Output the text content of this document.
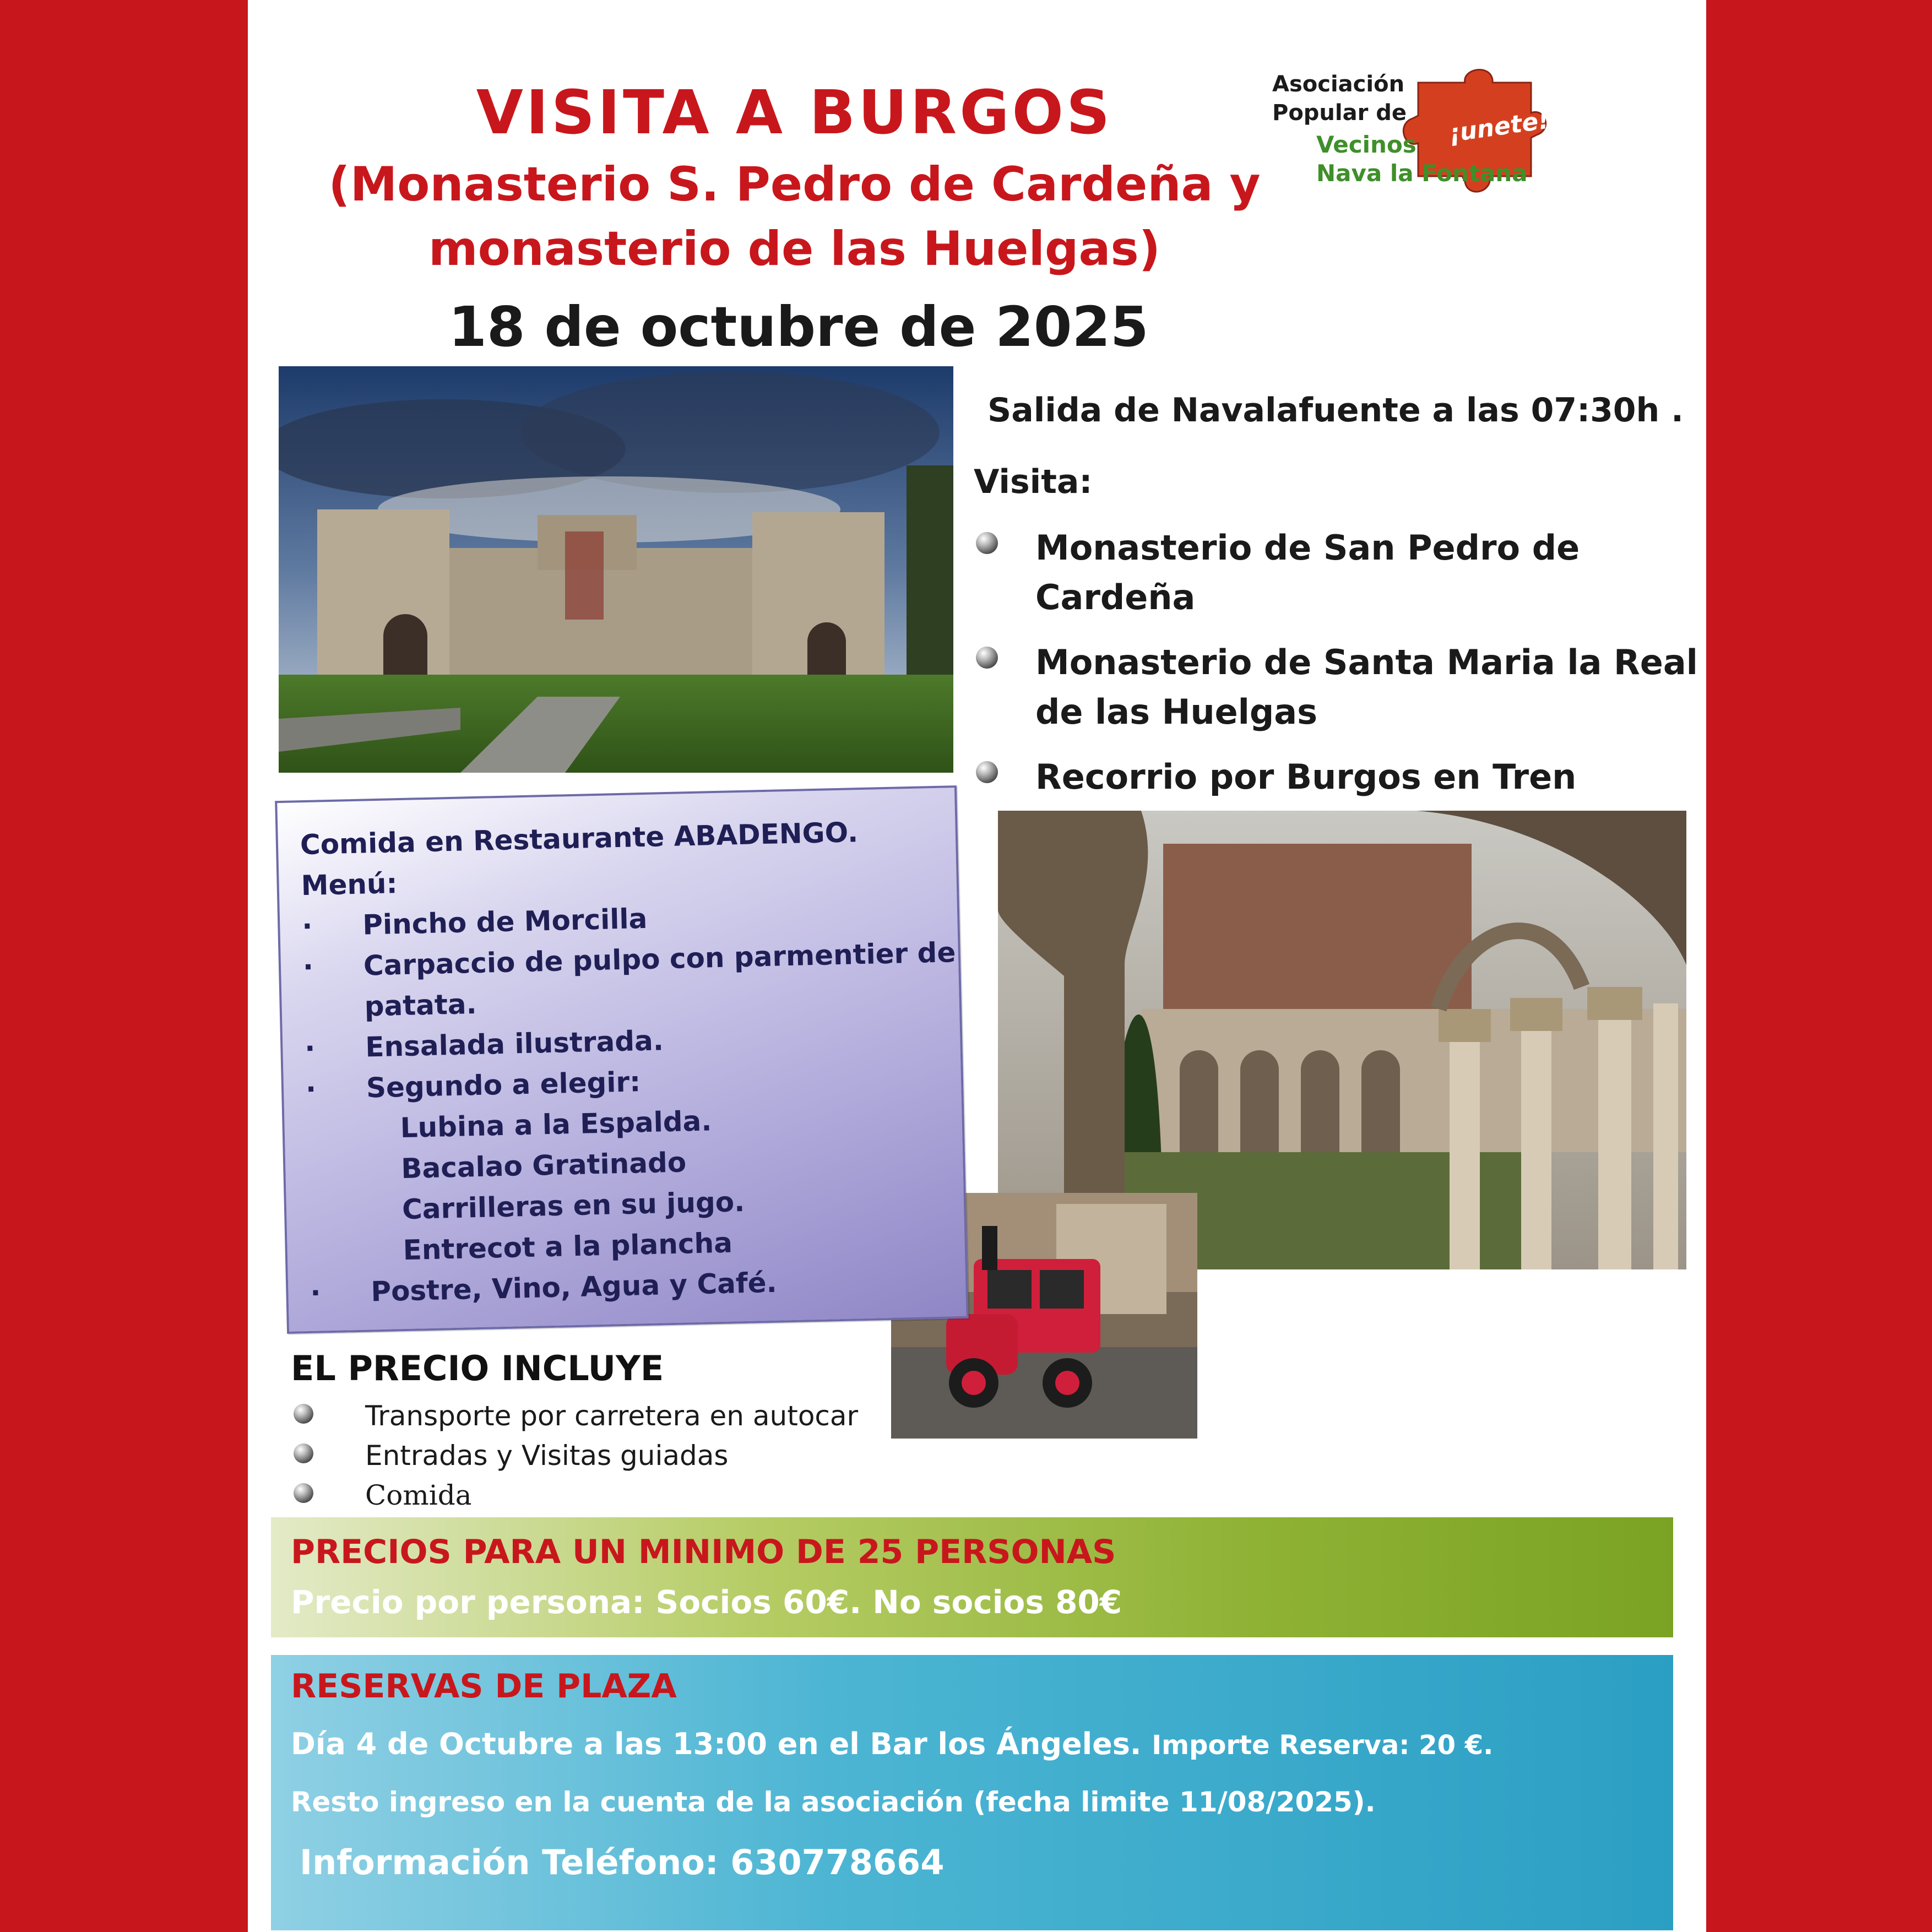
VISITA A BURGOS
(Monasterio S. Pedro de Cardeña y
monasterio de las Huelgas)
18 de octubre de 2025
Asociación
Popular de
Vecinos
Nava la Fontana
¡unete!
Salida de Navalafuente a las 07:30h .
Visita:
Monasterio de San Pedro de Cardeña
Monasterio de Santa Maria la Real de las Huelgas
Recorrio por Burgos en Tren
Comida en Restaurante ABADENGO.
Menú:
· Pincho de Morcilla
· Carpaccio de pulpo con parmentier de patata.
· Ensalada ilustrada.
· Segundo a elegir:
Lubina a la Espalda.
Bacalao Gratinado
Carrilleras en su jugo.
Entrecot a la plancha
· Postre, Vino, Agua y Café.
EL PRECIO INCLUYE
Transporte por carretera en autocar
Entradas y Visitas guiadas
Comida
PRECIOS PARA UN MINIMO DE 25 PERSONAS
Precio por persona: Socios 60€. No socios 80€
RESERVAS DE PLAZA
Día 4 de Octubre a las 13:00 en el Bar los Ángeles. Importe Reserva: 20 €.
Resto ingreso en la cuenta de la asociación (fecha limite 11/08/2025).
Información Teléfono: 630778664
